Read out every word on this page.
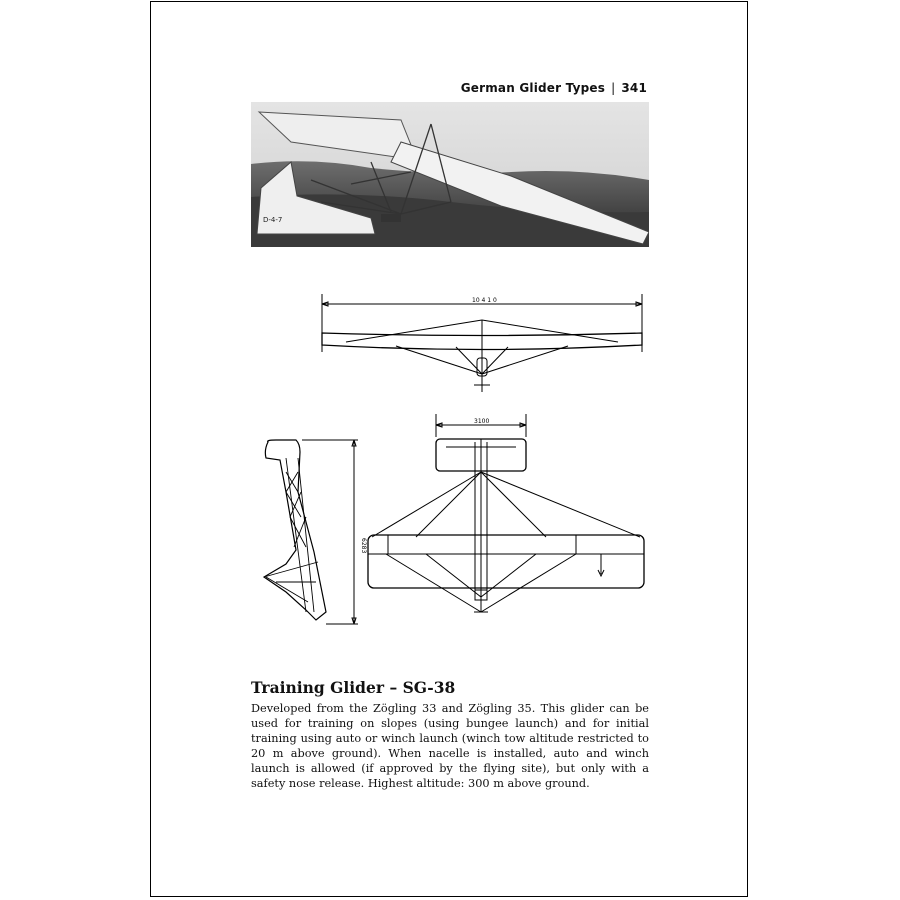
German Glider Types | 341
D-4-7
10 4 1 0
3100
6283
Training Glider – SG-38

Developed from the Zögling 33 and Zögling 35. This glider can be used for training on slopes (using bungee launch) and for initial training using auto or winch launch (winch tow altitude restricted to 20 m above ground). When nacelle is installed, auto and winch launch is allowed (if approved by the flying site), but only with a safety nose release. Highest altitude: 300 m above ground.
